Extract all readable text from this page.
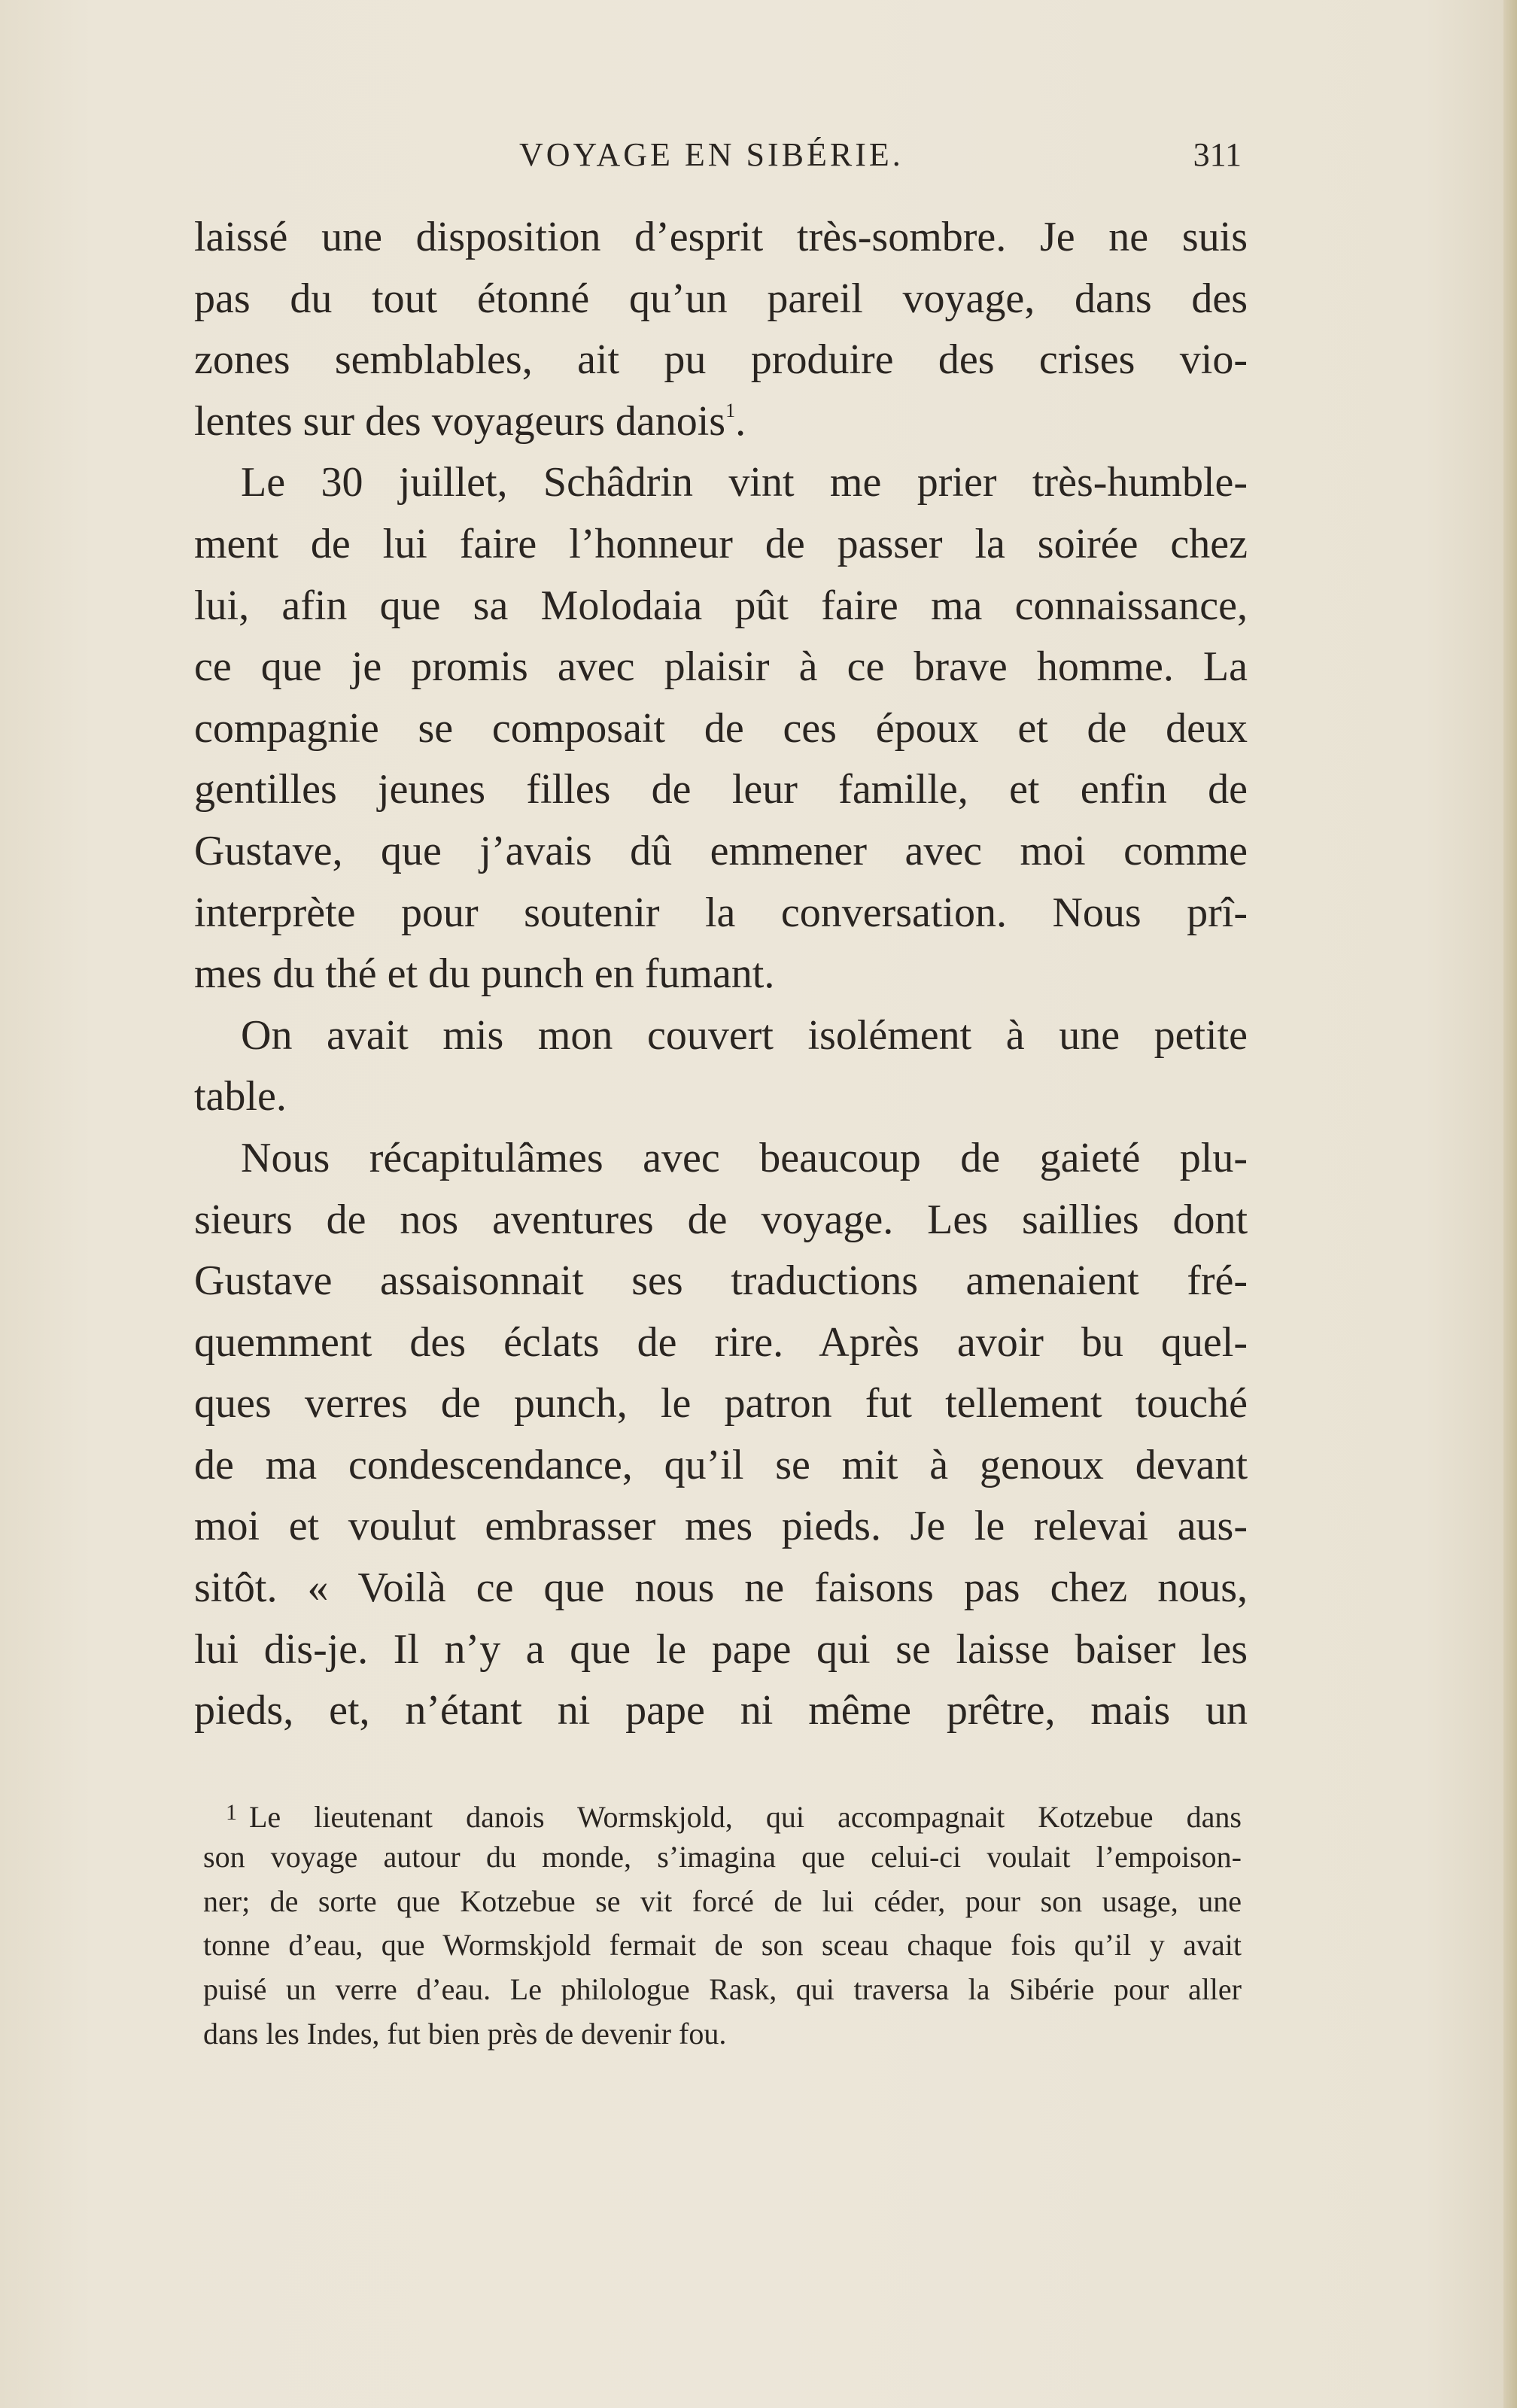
VOYAGE EN SIBÉRIE.	311
laissé une disposition d’esprit très-sombre. Je ne suis
pas du tout étonné qu’un pareil voyage, dans des
zones semblables, ait pu produire des crises vio-
lentes sur des voyageurs danois$^1$.
Le 30 juillet, Schâdrin vint me prier très-humble-
ment de lui faire l’honneur de passer la soirée chez
lui, afin que sa Molodaia pût faire ma connaissance,
ce que je promis avec plaisir à ce brave homme. La
compagnie se composait de ces époux et de deux
gentilles jeunes filles de leur famille, et enfin de
Gustave, que j’avais dû emmener avec moi comme
interprète pour soutenir la conversation. Nous prî-
mes du thé et du punch en fumant.
On avait mis mon couvert isolément à une petite
table.
Nous récapitulâmes avec beaucoup de gaieté plu-
sieurs de nos aventures de voyage. Les saillies dont
Gustave assaisonnait ses traductions amenaient fré-
quemment des éclats de rire. Après avoir bu quel-
ques verres de punch, le patron fut tellement touché
de ma condescendance, qu’il se mit à genoux devant
moi et voulut embrasser mes pieds. Je le relevai aus-
sitôt. « Voilà ce que nous ne faisons pas chez nous,
lui dis-je. Il n’y a que le pape qui se laisse baiser les
pieds, et, n’étant ni pape ni même prêtre, mais un
$^1$ Le lieutenant danois Wormskjold, qui accompagnait Kotzebue dans
son voyage autour du monde, s’imagina que celui-ci voulait l’empoison-
ner; de sorte que Kotzebue se vit forcé de lui céder, pour son usage, une
tonne d’eau, que Wormskjold fermait de son sceau chaque fois qu’il y avait
puisé un verre d’eau. Le philologue Rask, qui traversa la Sibérie pour aller
dans les Indes, fut bien près de devenir fou.
